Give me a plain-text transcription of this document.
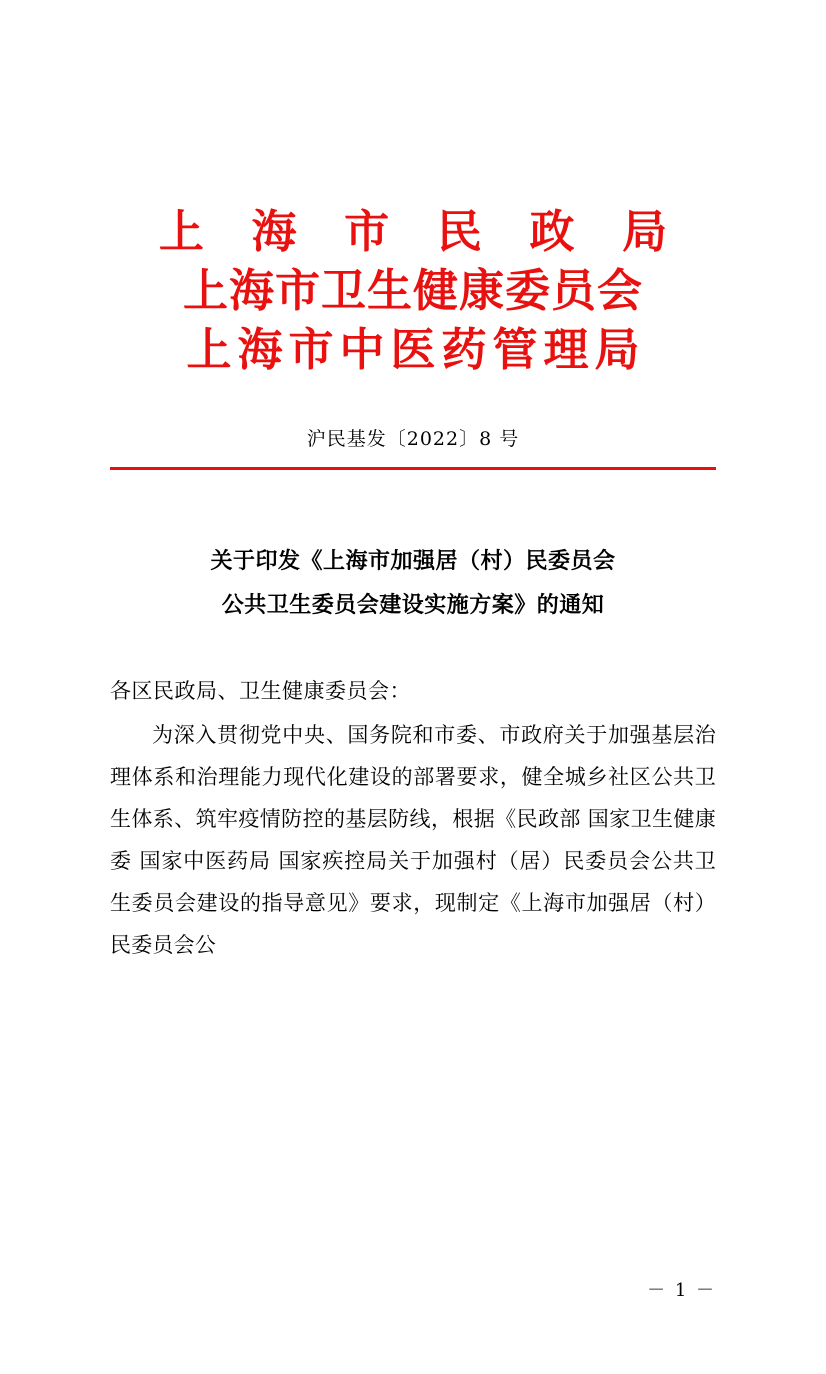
上 海 市 民 政 局
上海市卫生健康委员会
上海市中医药管理局
沪民基发〔2022〕8 号
关于印发《上海市加强居（村）民委员会
公共卫生委员会建设实施方案》的通知
各区民政局、卫生健康委员会：
为深入贯彻党中央、国务院和市委、市政府关于加强基层治理体系和治理能力现代化建设的部署要求，健全城乡社区公共卫生体系、筑牢疫情防控的基层防线，根据《民政部 国家卫生健康委 国家中医药局 国家疾控局关于加强村（居）民委员会公共卫生委员会建设的指导意见》要求，现制定《上海市加强居（村）民委员会公
－ 1 －
